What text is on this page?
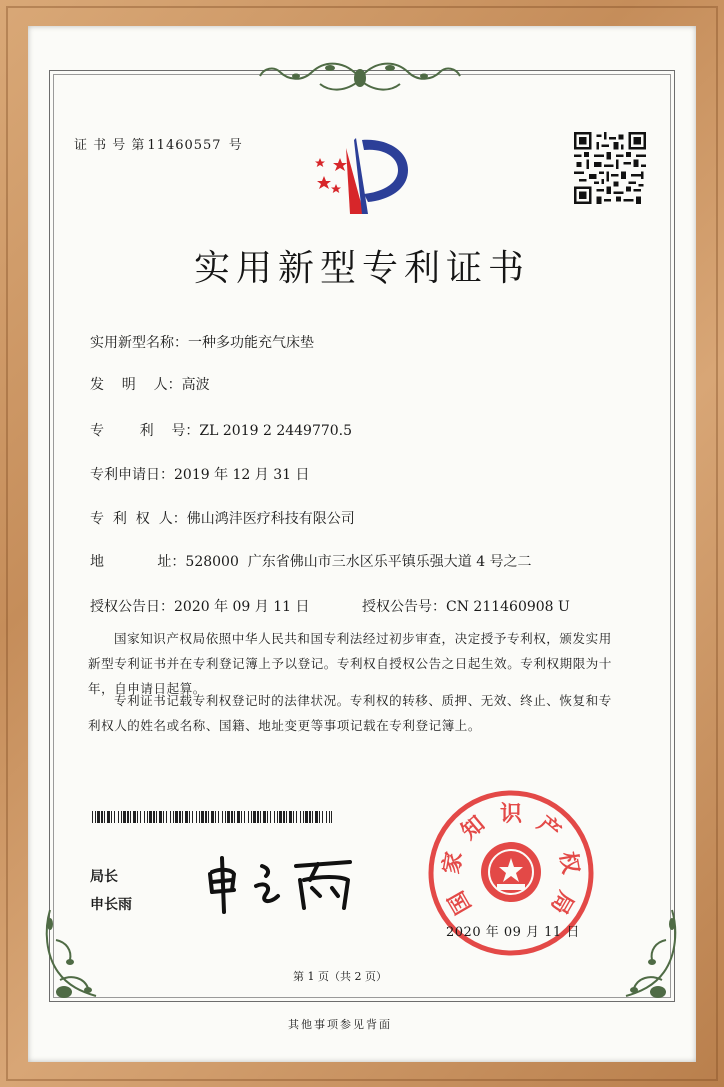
证 书 号 第 11460557 号
实用新型专利证书
实用新型名称：一种多功能充气床垫
发    明    人：高波
专        利    号：ZL 2019 2 2449770.5
专利申请日：2019 年 12 月 31 日
专  利  权  人：佛山鸿沣医疗科技有限公司
地            址：528000  广东省佛山市三水区乐平镇乐强大道 4 号之二
授权公告日：2020 年 09 月 11 日	授权公告号：CN 211460908 U
国家知识产权局依照中华人民共和国专利法经过初步审查，决定授予专利权，颁发实用
新型专利证书并在专利登记簿上予以登记。专利权自授权公告之日起生效。专利权期限为十
年，自申请日起算。
专利证书记载专利权登记时的法律状况。专利权的转移、质押、无效、终止、恢复和专
利权人的姓名或名称、国籍、地址变更等事项记载在专利登记簿上。
局长
申长雨	国
家
知 识 产
权
局
2020 年 09 月 11 日
第 1 页（共 2 页）
其他事项参见背面
